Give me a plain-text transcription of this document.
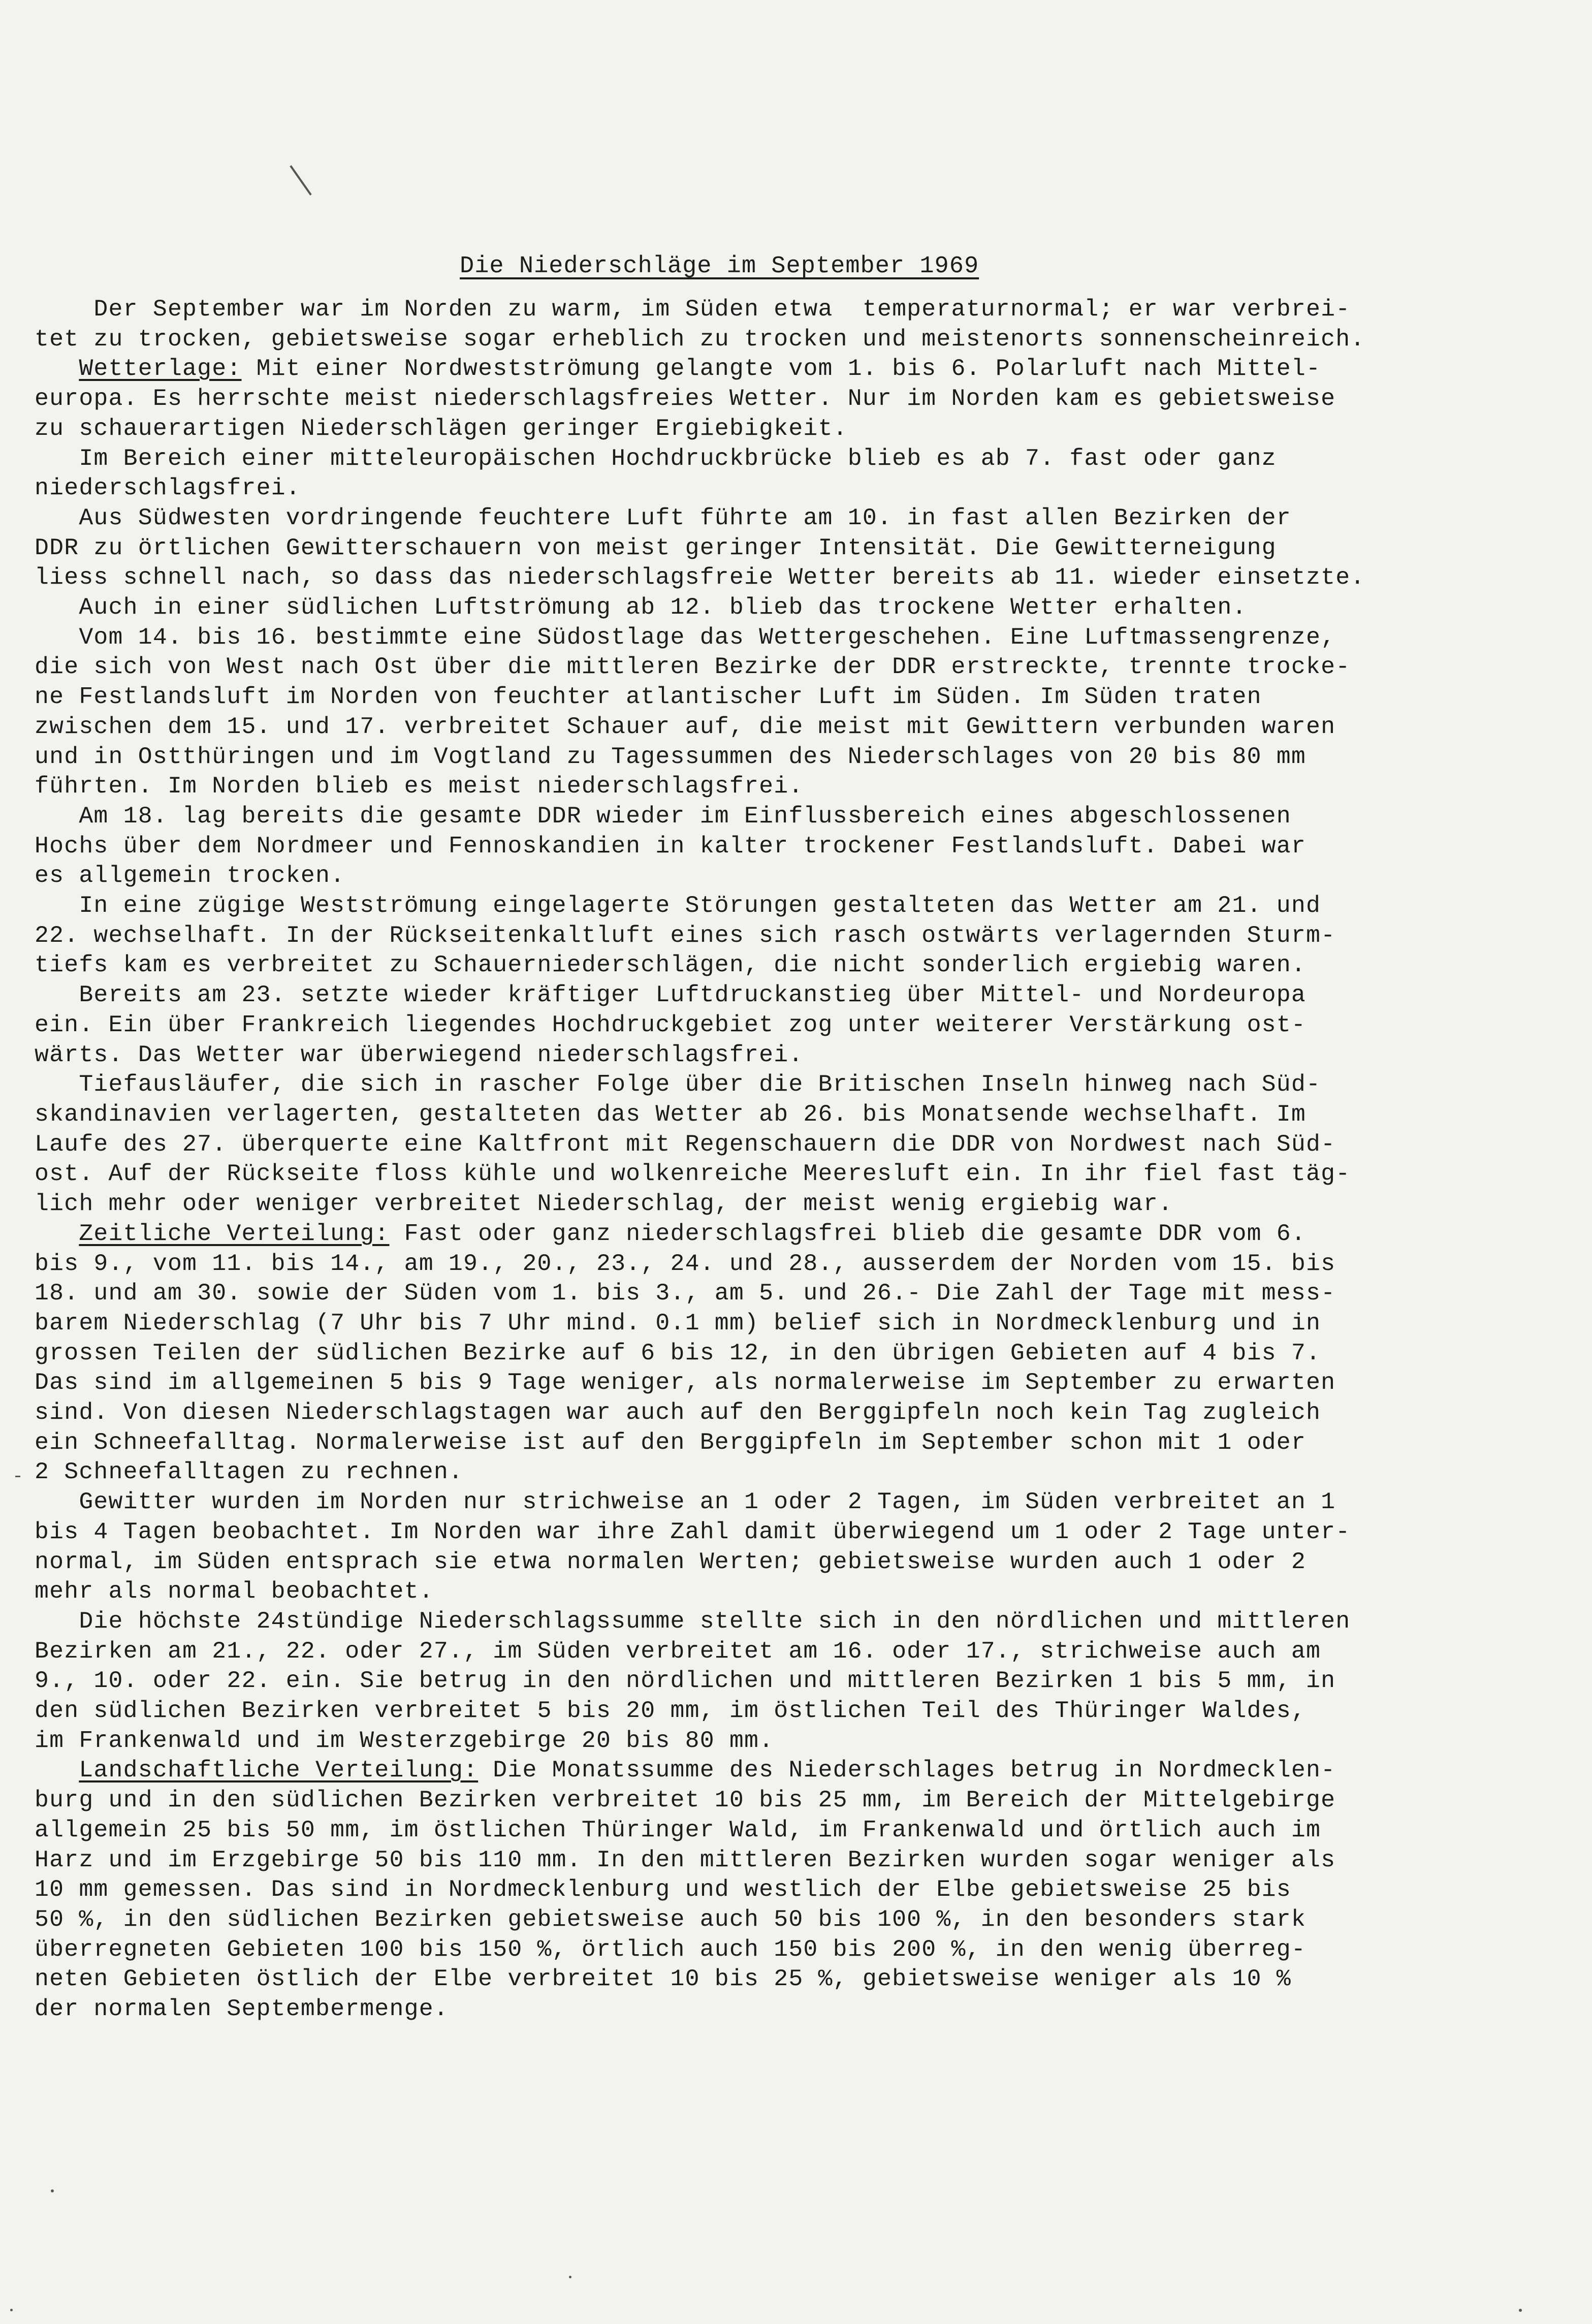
Die Niederschläge im September 1969
Der September war im Norden zu warm, im Süden etwa  temperaturnormal; er war verbrei-
tet zu trocken, gebietsweise sogar erheblich zu trocken und meistenorts sonnenscheinreich.
Wetterlage: Mit einer Nordwestströmung gelangte vom 1. bis 6. Polarluft nach Mittel-
europa. Es herrschte meist niederschlagsfreies Wetter. Nur im Norden kam es gebietsweise
zu schauerartigen Niederschlägen geringer Ergiebigkeit.
Im Bereich einer mitteleuropäischen Hochdruckbrücke blieb es ab 7. fast oder ganz
niederschlagsfrei.
Aus Südwesten vordringende feuchtere Luft führte am 10. in fast allen Bezirken der
DDR zu örtlichen Gewitterschauern von meist geringer Intensität. Die Gewitterneigung
liess schnell nach, so dass das niederschlagsfreie Wetter bereits ab 11. wieder einsetzte.
Auch in einer südlichen Luftströmung ab 12. blieb das trockene Wetter erhalten.
Vom 14. bis 16. bestimmte eine Südostlage das Wettergeschehen. Eine Luftmassengrenze,
die sich von West nach Ost über die mittleren Bezirke der DDR erstreckte, trennte trocke-
ne Festlandsluft im Norden von feuchter atlantischer Luft im Süden. Im Süden traten
zwischen dem 15. und 17. verbreitet Schauer auf, die meist mit Gewittern verbunden waren
und in Ostthüringen und im Vogtland zu Tagessummen des Niederschlages von 20 bis 80 mm
führten. Im Norden blieb es meist niederschlagsfrei.
Am 18. lag bereits die gesamte DDR wieder im Einflussbereich eines abgeschlossenen
Hochs über dem Nordmeer und Fennoskandien in kalter trockener Festlandsluft. Dabei war
es allgemein trocken.
In eine zügige Westströmung eingelagerte Störungen gestalteten das Wetter am 21. und
22. wechselhaft. In der Rückseitenkaltluft eines sich rasch ostwärts verlagernden Sturm-
tiefs kam es verbreitet zu Schauerniederschlägen, die nicht sonderlich ergiebig waren.
Bereits am 23. setzte wieder kräftiger Luftdruckanstieg über Mittel- und Nordeuropa
ein. Ein über Frankreich liegendes Hochdruckgebiet zog unter weiterer Verstärkung ost-
wärts. Das Wetter war überwiegend niederschlagsfrei.
Tiefausläufer, die sich in rascher Folge über die Britischen Inseln hinweg nach Süd-
skandinavien verlagerten, gestalteten das Wetter ab 26. bis Monatsende wechselhaft. Im
Laufe des 27. überquerte eine Kaltfront mit Regenschauern die DDR von Nordwest nach Süd-
ost. Auf der Rückseite floss kühle und wolkenreiche Meeresluft ein. In ihr fiel fast täg-
lich mehr oder weniger verbreitet Niederschlag, der meist wenig ergiebig war.
Zeitliche Verteilung: Fast oder ganz niederschlagsfrei blieb die gesamte DDR vom 6.
bis 9., vom 11. bis 14., am 19., 20., 23., 24. und 28., ausserdem der Norden vom 15. bis
18. und am 30. sowie der Süden vom 1. bis 3., am 5. und 26.- Die Zahl der Tage mit mess-
barem Niederschlag (7 Uhr bis 7 Uhr mind. 0.1 mm) belief sich in Nordmecklenburg und in
grossen Teilen der südlichen Bezirke auf 6 bis 12, in den übrigen Gebieten auf 4 bis 7.
Das sind im allgemeinen 5 bis 9 Tage weniger, als normalerweise im September zu erwarten
sind. Von diesen Niederschlagstagen war auch auf den Berggipfeln noch kein Tag zugleich
ein Schneefalltag. Normalerweise ist auf den Berggipfeln im September schon mit 1 oder
2 Schneefalltagen zu rechnen.
Gewitter wurden im Norden nur strichweise an 1 oder 2 Tagen, im Süden verbreitet an 1
bis 4 Tagen beobachtet. Im Norden war ihre Zahl damit überwiegend um 1 oder 2 Tage unter-
normal, im Süden entsprach sie etwa normalen Werten; gebietsweise wurden auch 1 oder 2
mehr als normal beobachtet.
Die höchste 24stündige Niederschlagssumme stellte sich in den nördlichen und mittleren
Bezirken am 21., 22. oder 27., im Süden verbreitet am 16. oder 17., strichweise auch am
9., 10. oder 22. ein. Sie betrug in den nördlichen und mittleren Bezirken 1 bis 5 mm, in
den südlichen Bezirken verbreitet 5 bis 20 mm, im östlichen Teil des Thüringer Waldes,
im Frankenwald und im Westerzgebirge 20 bis 80 mm.
Landschaftliche Verteilung: Die Monatssumme des Niederschlages betrug in Nordmecklen-
burg und in den südlichen Bezirken verbreitet 10 bis 25 mm, im Bereich der Mittelgebirge
allgemein 25 bis 50 mm, im östlichen Thüringer Wald, im Frankenwald und örtlich auch im
Harz und im Erzgebirge 50 bis 110 mm. In den mittleren Bezirken wurden sogar weniger als
10 mm gemessen. Das sind in Nordmecklenburg und westlich der Elbe gebietsweise 25 bis
50 %, in den südlichen Bezirken gebietsweise auch 50 bis 100 %, in den besonders stark
überregneten Gebieten 100 bis 150 %, örtlich auch 150 bis 200 %, in den wenig überreg-
neten Gebieten östlich der Elbe verbreitet 10 bis 25 %, gebietsweise weniger als 10 %
der normalen Septembermenge.
